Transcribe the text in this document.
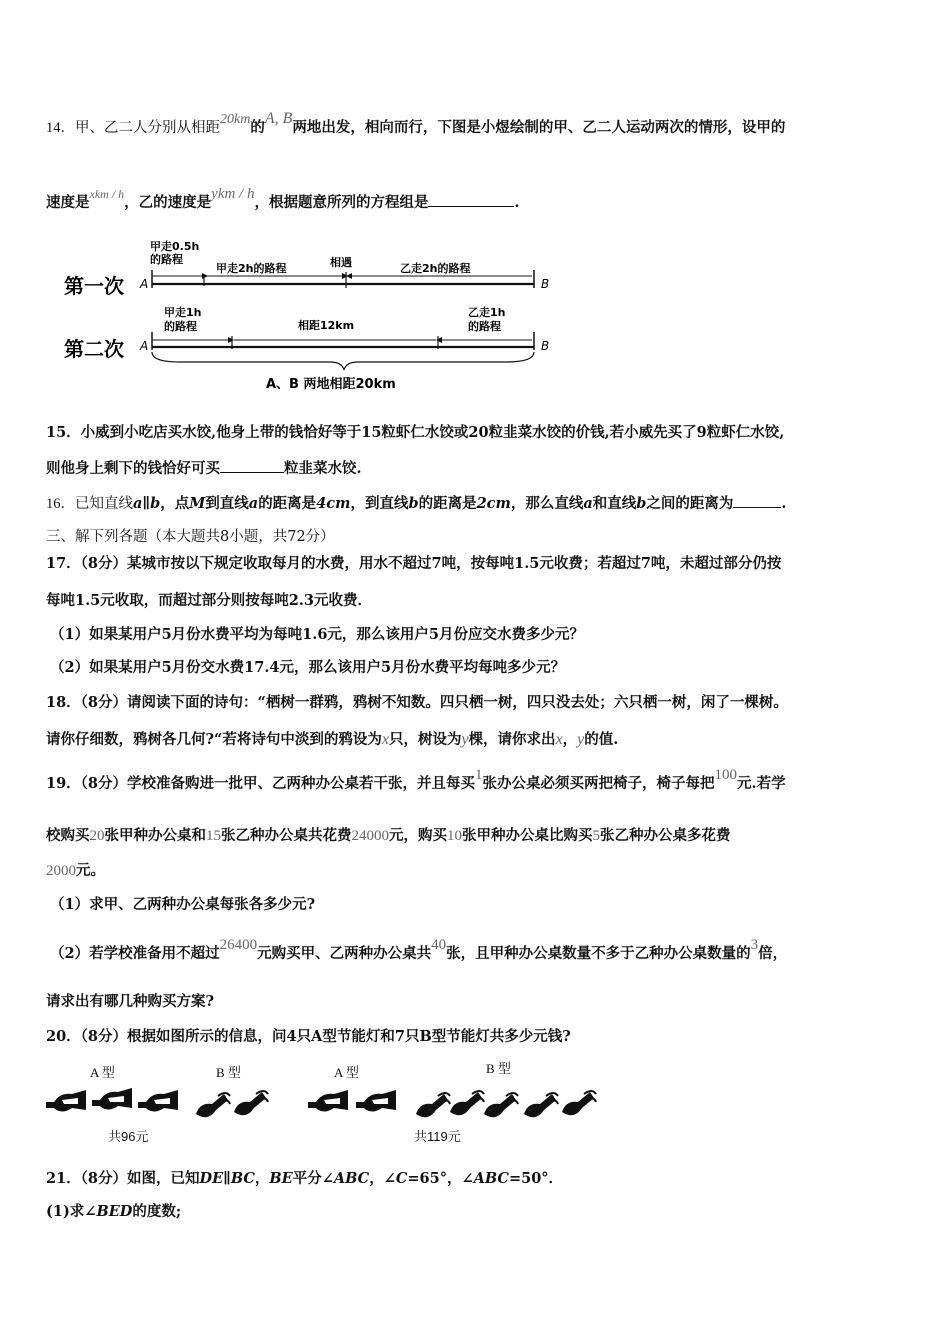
14．甲、乙二人分别从相距20km的A, B两地出发，相向而行，下图是小煜绘制的甲、乙二人运动两次的情形，设甲的
速度是$^{xkm / h}$，乙的速度是ykm / h，根据题意所列的方程组是	.
第一次
第二次
A
A
B
B
甲走0.5h
的路程
甲走2h的路程	相遇	乙走2h的路程
甲走1h
的路程	相距12km
乙走1h
的路程
A、B 两地相距20km
15．小威到小吃店买水饺,他身上带的钱恰好等于15粒虾仁水饺或20粒韭菜水饺的价钱,若小威先买了9粒虾仁水饺,
则他身上剩下的钱恰好可买	粒韭菜水饺.
16．已知直线a∥b，点M到直线a的距离是4cm，到直线b的距离是2cm，那么直线a和直线b之间的距离为	.
三、解下列各题（本大题共8小题，共72分）
17．（8分）某城市按以下规定收取每月的水费，用水不超过7吨，按每吨1.5元收费；若超过7吨，未超过部分仍按
每吨1.5元收取，而超过部分则按每吨2.3元收费．
（1）如果某用户5月份水费平均为每吨1.6元，那么该用户5月份应交水费多少元？
（2）如果某用户5月份交水费17.4元，那么该用户5月份水费平均每吨多少元？
18．（8分）请阅读下面的诗句：“栖树一群鸦，鸦树不知数。四只栖一树，四只没去处；六只栖一树，闲了一棵树。
请你仔细数，鸦树各几何?“若将诗句中淡到的鸦设为x只，树设为y棵，请你求出x，y的值.
19．（8分）学校准备购进一批甲、乙两种办公桌若干张，并且每买1张办公桌必须买两把椅子，椅子每把100元.若学
校购买20张甲种办公桌和15张乙种办公桌共花费24000元，购买10张甲种办公桌比购买5张乙种办公桌多花费
2000元。
（1）求甲、乙两种办公桌每张各多少元?
（2）若学校准备用不超过26400元购买甲、乙两种办公桌共40张，且甲种办公桌数量不多于乙种办公桌数量的3倍，
请求出有哪几种购买方案?
20．（8分）根据如图所示的信息，问4只A型节能灯和7只B型节能灯共多少元钱?
A 型	B 型	A 型	B 型
共96元	共119元
21．（8分）如图，已知DE∥BC，BE平分∠ABC，∠C=65°，∠ABC=50°．
(1)求∠BED的度数;
